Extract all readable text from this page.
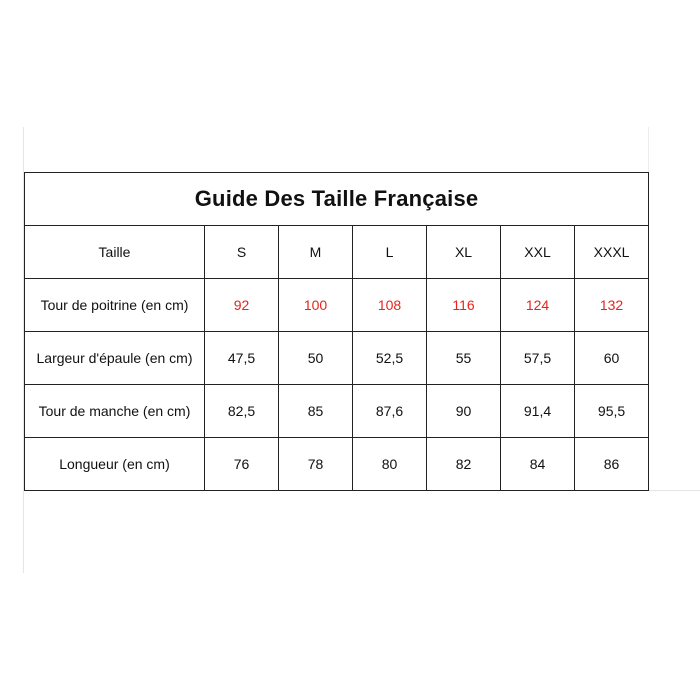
Guide Des Taille Française						
Taille	S	M	L	XL	XXL	XXXL
Tour de poitrine (en cm)	92	100	108	116	124	132
Largeur d'épaule (en cm)	47,5	50	52,5	55	57,5	60
Tour de manche (en cm)	82,5	85	87,6	90	91,4	95,5
Longueur (en cm)	76	78	80	82	84	86
